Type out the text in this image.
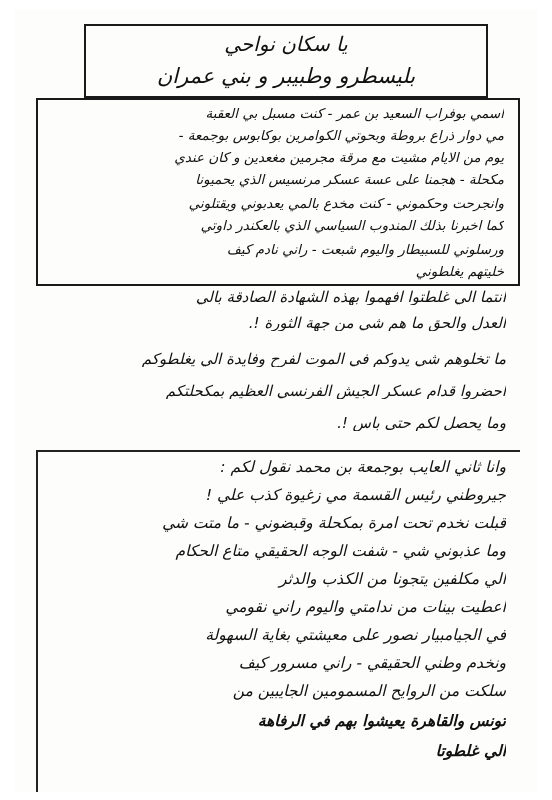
يا سكان نواحي
بليسطرو وطبيبر و بني عمران
اسمي بوفراب السعيد بن عمر - كنت مسبل بي العقبة
مي دوار ذراع بروطة وبحوتي الكوامرين بوكابوس بوجمعة -
يوم من الايام مشيت مع مرقة مجرمين مغعدين و كان عندي
مكحلة - هجمنا على عسة عسكر مرنسيس الذي يحميونا
وانجرحت وحكموني - كنت مخدع بالمي يعدبوني ويقتلوني
كما اخبرنا بذلك المندوب السياسي الذي بالعكندر داوتي
ورسلوني للسبيطار واليوم شبعت - راني نادم كيف
خليتهم يغلطوني
انتما الي غلطتوا افهموا بهذه الشهادة الصادقة بالي
العدل والحق ما هم شي من جهة الثورة !.
ما تخلوهم شي يدوكم في الموت لفرح وفايدة الي يغلطوكم
احضروا قدام عسكر الجيش الفرنسي العظيم بمكحلتكم
وما يحصل لكم حتى باس !.
وانا ثاني العايب بوجمعة بن محمد نقول لكم :
جيروطني رئيس القسمة مي زغيوة كذب علي !
قبلت نخدم تحت امرة بمكحلة وقبضوني - ما متت شي
وما عذبوني شي - شفت الوجه الحقيقي متاع الحكام
الي مكلفين يتجونا من الكذب والدثر
اعطيت بينات من ندامتي واليوم راني نقومي
في الجيامبيار نصور على معيشتي بغاية السهولة
ونخدم وطني الحقيقي - راني مسرور كيف
سلكت من الروايح المسمومين الجايبين من
تونس والقاهرة يعيشوا بهم في الرفاهة
الي غلطوتا
